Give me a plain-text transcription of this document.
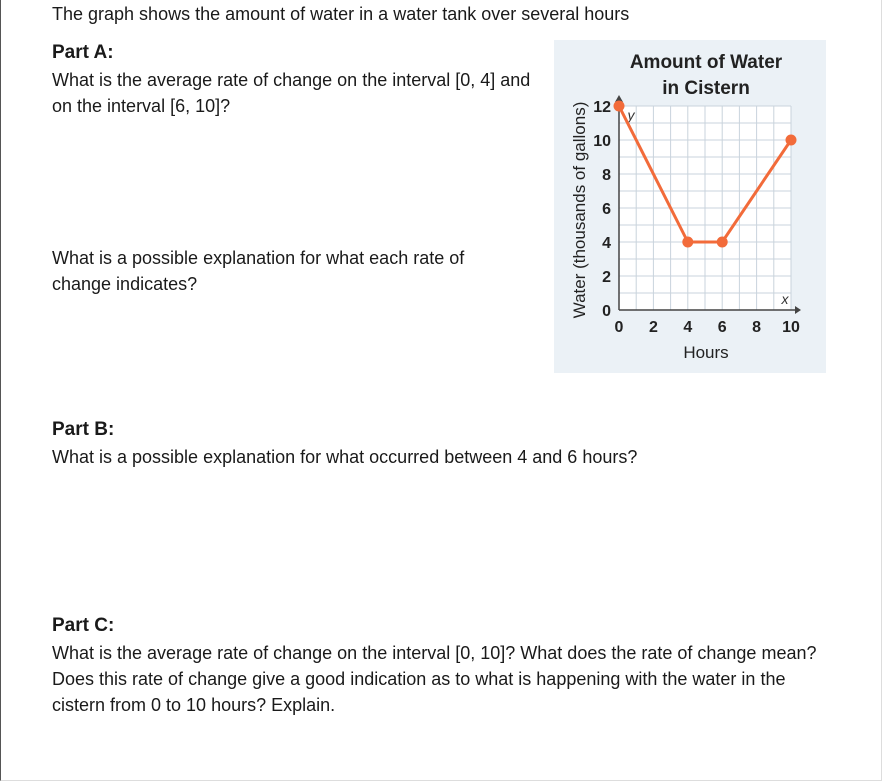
The graph shows the amount of water in a water tank over several hours
Part A:
What is the average rate of change on the interval [0, 4] and on the interval [6, 10]?
What is a possible explanation for what each rate of change indicates?
Amount of Water
in Cistern
x
y
0 2 4 6 8 10
0
2
4
6
8
10
12
Hours
Water (thousands of gallons)
Part B:
What is a possible explanation for what occurred between 4 and 6 hours?
Part C:
What is the average rate of change on the interval [0, 10]? What does the rate of change mean? Does this rate of change give a good indication as to what is happening with the water in the cistern from 0 to 10 hours? Explain.
